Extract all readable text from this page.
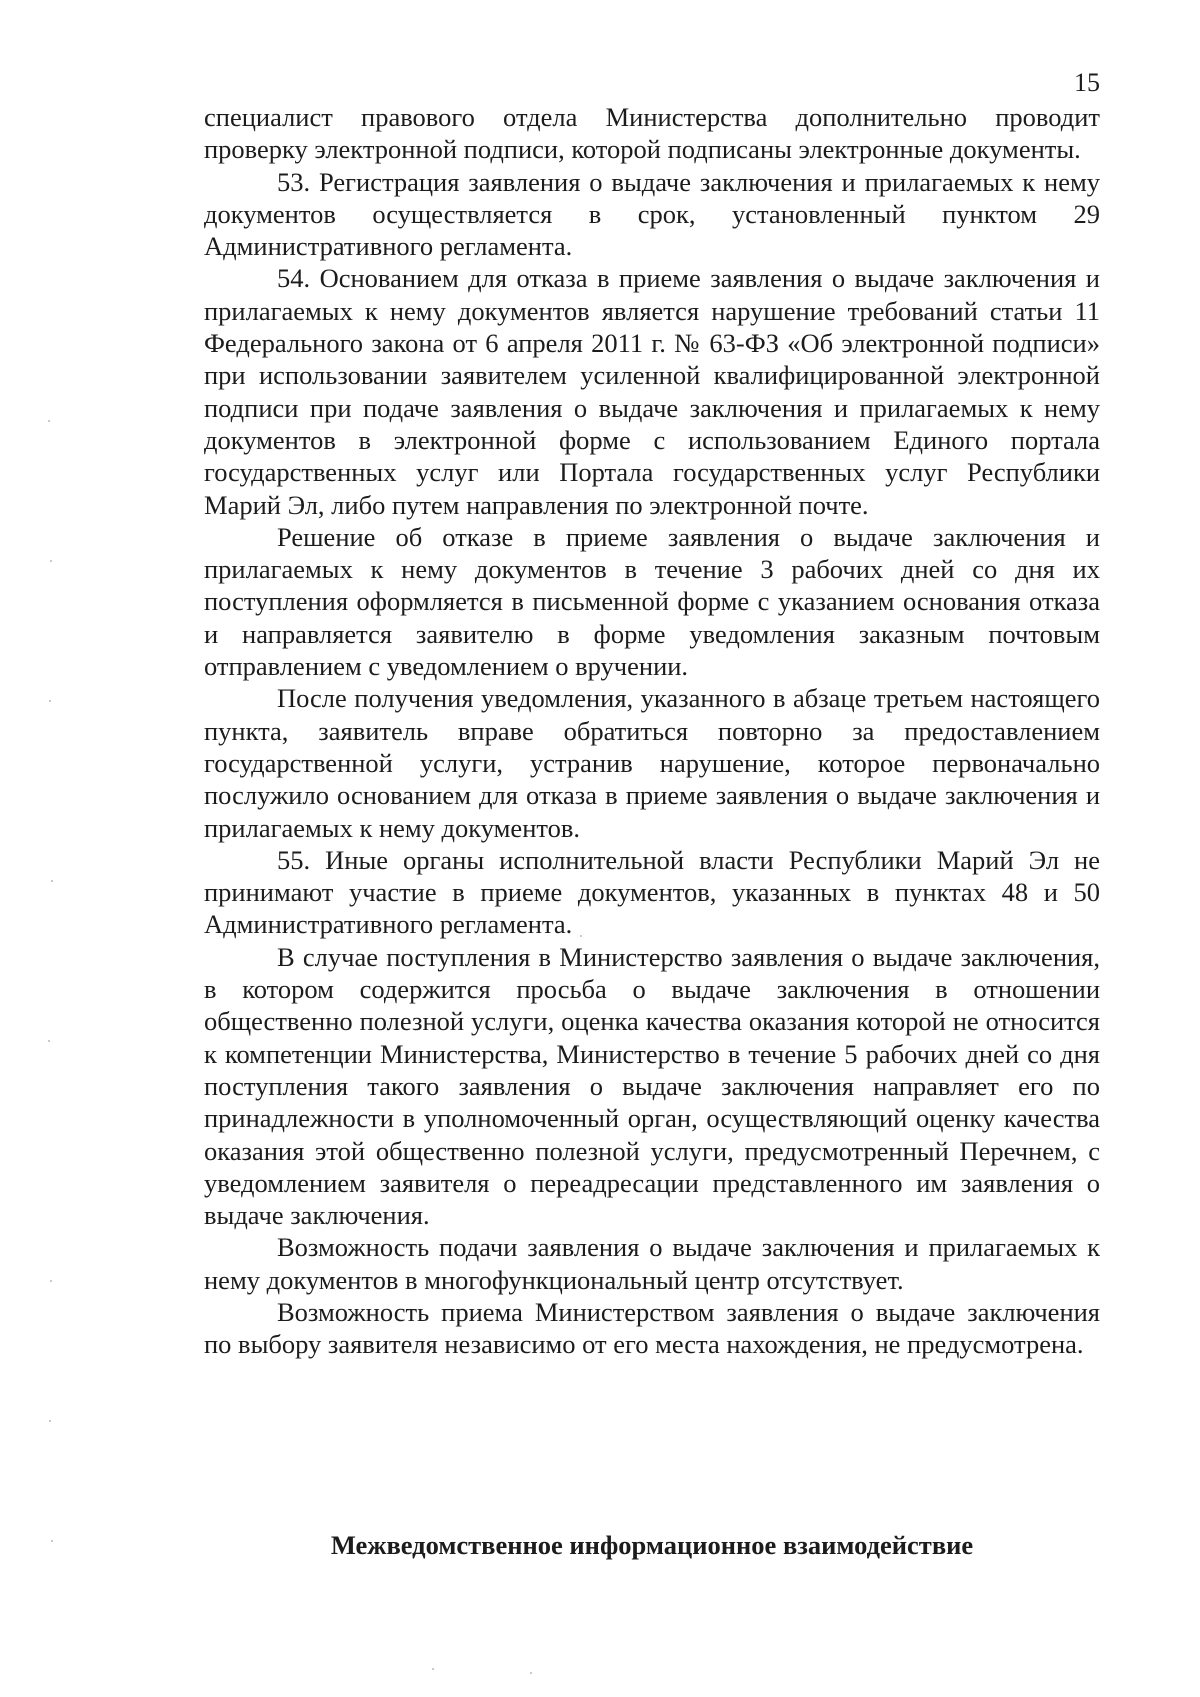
15

специалист правового отдела Министерства дополнительно проводит проверку электронной подписи, которой подписаны электронные документы.

53. Регистрация заявления о выдаче заключения и прилагаемых к нему документов осуществляется в срок, установленный пунктом 29 Административного регламента.

54. Основанием для отказа в приеме заявления о выдаче заключения и прилагаемых к нему документов является нарушение требований статьи 11 Федерального закона от 6 апреля 2011 г. № 63-ФЗ «Об электронной подписи» при использовании заявителем усиленной квалифицированной электронной подписи при подаче заявления о выдаче заключения и прилагаемых к нему документов в электронной форме с использованием Единого портала государственных услуг или Портала государственных услуг Республики Марий Эл, либо путем направления по электронной почте.

Решение об отказе в приеме заявления о выдаче заключения и прилагаемых к нему документов в течение 3 рабочих дней со дня их поступления оформляется в письменной форме с указанием основания отказа и направляется заявителю в форме уведомления заказным почтовым отправлением с уведомлением о вручении.

После получения уведомления, указанного в абзаце третьем настоящего пункта, заявитель вправе обратиться повторно за предоставлением государственной услуги, устранив нарушение, которое первоначально послужило основанием для отказа в приеме заявления о выдаче заключения и прилагаемых к нему документов.

55. Иные органы исполнительной власти Республики Марий Эл не принимают участие в приеме документов, указанных в пунктах 48 и 50 Административного регламента.

В случае поступления в Министерство заявления о выдаче заключения, в котором содержится просьба о выдаче заключения в отношении общественно полезной услуги, оценка качества оказания которой не относится к компетенции Министерства, Министерство в течение 5 рабочих дней со дня поступления такого заявления о выдаче заключения направляет его по принадлежности в уполномоченный орган, осуществляющий оценку качества оказания этой общественно полезной услуги, предусмотренный Перечнем, с уведомлением заявителя о переадресации представленного им заявления о выдаче заключения.

Возможность подачи заявления о выдаче заключения и прилагаемых к нему документов в многофункциональный центр отсутствует.

Возможность приема Министерством заявления о выдаче заключения по выбору заявителя независимо от его места нахождения, не предусмотрена.

Межведомственное информационное взаимодействие
